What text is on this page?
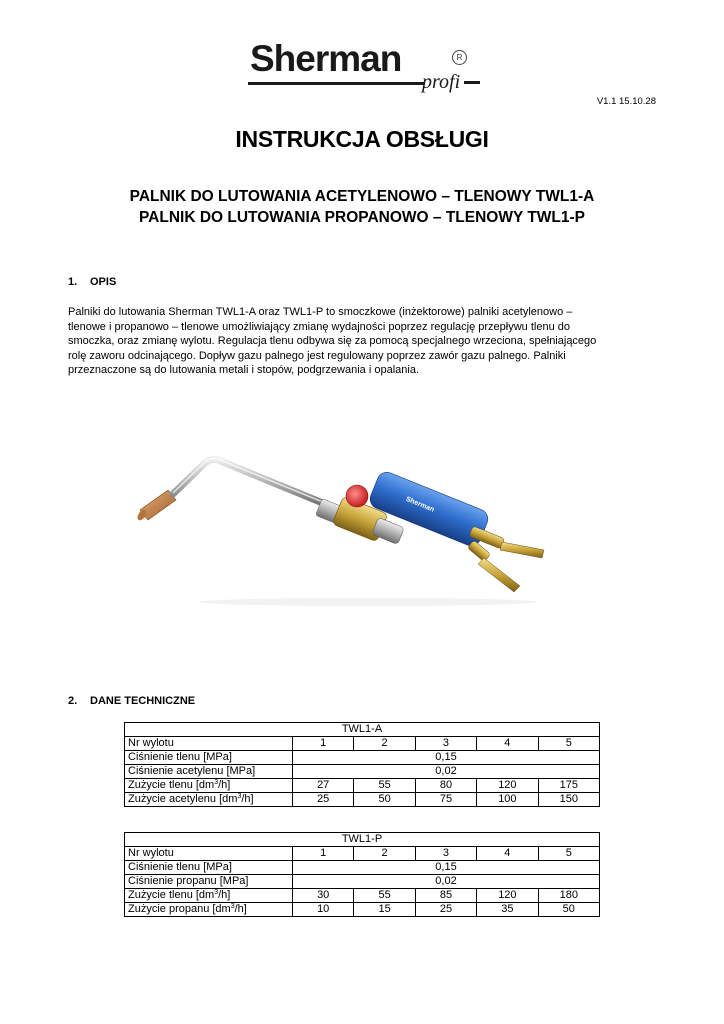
Sherman	R
profi
V1.1 15.10.28
INSTRUKCJA OBSŁUGI
PALNIK DO LUTOWANIA ACETYLENOWO – TLENOWY TWL1-A
PALNIK DO LUTOWANIA PROPANOWO – TLENOWY TWL1-P
1. OPIS
Palniki do lutowania Sherman TWL1-A oraz TWL1-P to smoczkowe (inżektorowe) palniki acetylenowo –
tlenowe i propanowo – tlenowe umożliwiający zmianę wydajności poprzez regulację przepływu tlenu do
smoczka, oraz zmianę wylotu. Regulacja tlenu odbywa się za pomocą specjalnego wrzeciona, spełniającego
rolę zaworu odcinającego. Dopływ gazu palnego jest regulowany poprzez zawór gazu palnego. Palniki
przeznaczone są do lutowania metali i stopów, podgrzewania i opalania.
Sherman
2. DANE TECHNICZNE
TWL1-A					
Nr wylotu	1	2	3	4	5
Ciśnienie tlenu [MPa]	0,15				
Ciśnienie acetylenu [MPa]	0,02				
Zużycie tlenu $[dm^3/h]$	27	55	80	120	175
Zużycie acetylenu $[dm^3/h]$	25	50	75	100	150
TWL1-P					
Nr wylotu	1	2	3	4	5
Ciśnienie tlenu [MPa]	0,15				
Ciśnienie propanu [MPa]	0,02				
Zużycie tlenu $[dm^3/h]$	30	55	85	120	180
Zużycie propanu $[dm^3/h]$	10	15	25	35	50
